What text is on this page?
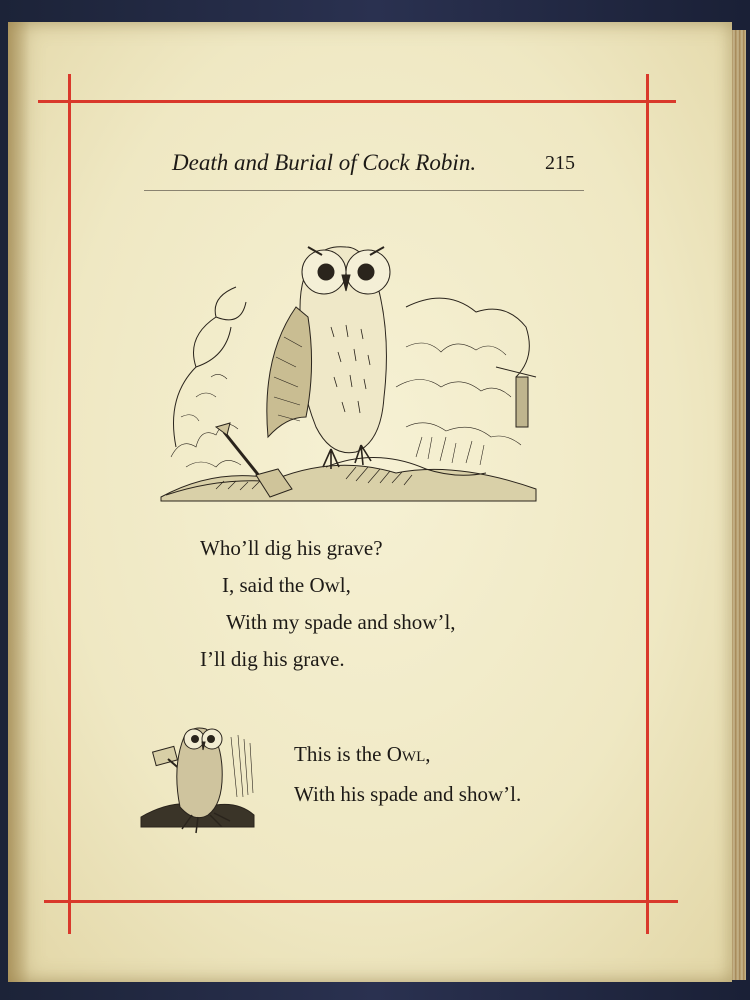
Death and Burial of Cock Robin.	215
Who’ll dig his grave?
I, said the Owl,
With my spade and show’l,
I’ll dig his grave.
This is the Owl,
With his spade and show’l.
